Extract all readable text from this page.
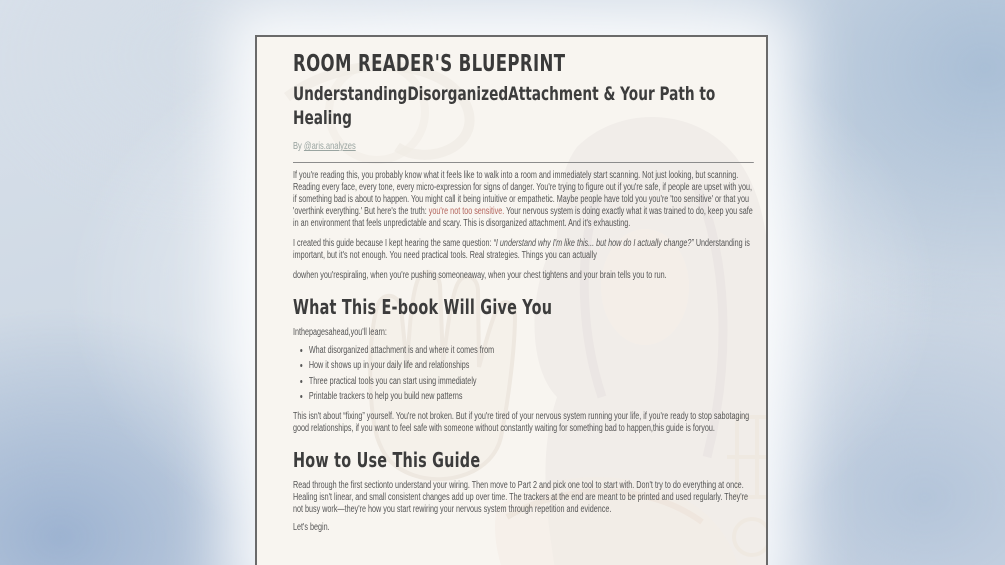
ROOM READER'S BLUEPRINT
UnderstandingDisorganizedAttachment & Your Path to Healing
By @aris.analyzes

If you're reading this, you probably know what it feels like to walk into a room and immediately start scanning. Not just looking, but scanning. Reading every face, every tone, every micro-expression for signs of danger. You're trying to figure out if you're safe, if people are upset with you, if something bad is about to happen. You might call it being intuitive or empathetic. Maybe people have told you you're 'too sensitive' or that you 'overthink everything.' But here's the truth: you're not too sensitive. Your nervous system is doing exactly what it was trained to do, keep you safe in an environment that feels unpredictable and scary. This is disorganized attachment. And it's exhausting.

I created this guide because I kept hearing the same question: “I understand why I'm like this... but how do I actually change?” Understanding is important, but it's not enough. You need practical tools. Real strategies. Things you can actually

dowhen you'respiraling, when you're pushing someoneaway, when your chest tightens and your brain tells you to run.

What This E-book Will Give You

Inthepagesahead,you'll learn:

• What disorganized attachment is and where it comes from
• How it shows up in your daily life and relationships
• Three practical tools you can start using immediately
• Printable trackers to help you build new patterns

This isn't about “fixing” yourself. You're not broken. But if you're tired of your nervous system running your life, if you're ready to stop sabotaging good relationships, if you want to feel safe with someone without constantly waiting for something bad to happen,this guide is foryou.

How to Use This Guide

Read through the first sectionto understand your wiring. Then move to Part 2 and pick one tool to start with. Don't try to do everything at once. Healing isn't linear, and small consistent changes add up over time. The trackers at the end are meant to be printed and used regularly. They're not busy work—they're how you start rewiring your nervous system through repetition and evidence.

Let's begin.
